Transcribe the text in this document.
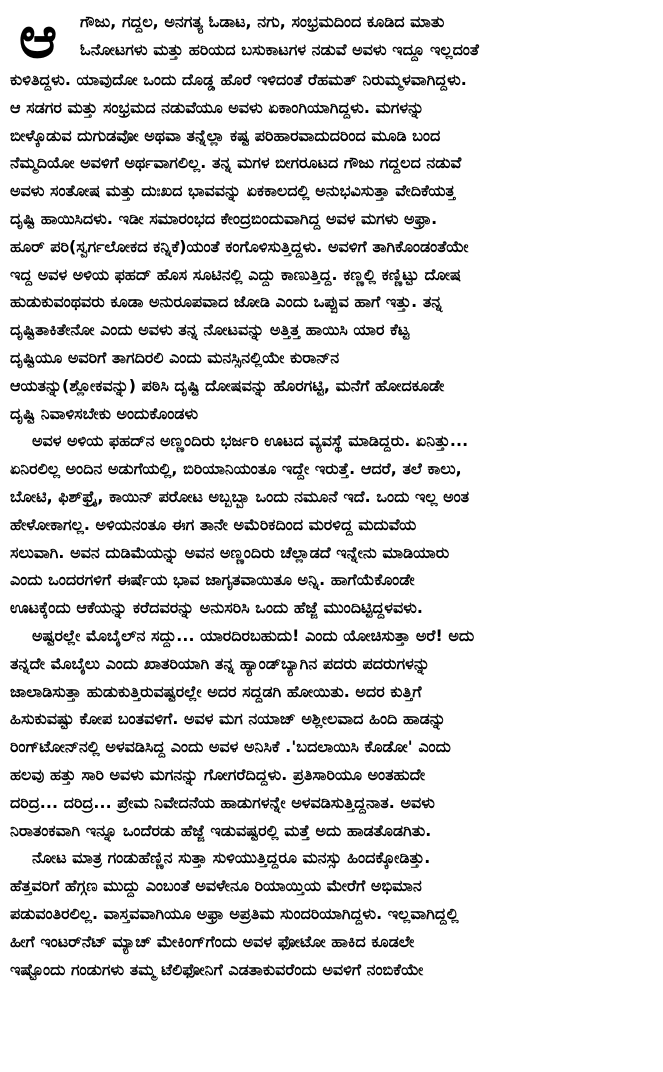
ಆ	ಗೌಜು, ಗದ್ದಲ, ಅನಗತ್ಯ ಓಡಾಟ, ನಗು, ಸಂಭ್ರಮದಿಂದ ಕೂಡಿದ ಮಾತು
ಓನೋಟಗಳು ಮತ್ತು ಹರಿಯದ ಬಸುಕಾಟಗಳ ನಡುವೆ ಅವಳು ಇದ್ದೂ ಇಲ್ಲದಂತೆ
ಕುಳಿತಿದ್ದಳು. ಯಾವುದೋ ಒಂದು ದೊಡ್ಡ ಹೊರೆ ಇಳಿದಂತೆ ರೆಹಮತ್ ನಿರುಮ್ಮಳವಾಗಿದ್ದಳು.
ಆ ಸಡಗರ ಮತ್ತು ಸಂಭ್ರಮದ ನಡುವೆಯೂ ಅವಳು ಏಕಾಂಗಿಯಾಗಿದ್ದಳು. ಮಗಳನ್ನು
ಬೀಳ್ಕೊಡುವ ದುಗುಡವೋ ಅಥವಾ ತನ್ನೆಲ್ಲಾ ಕಷ್ಟ ಪರಿಹಾರವಾದುದರಿಂದ ಮೂಡಿ ಬಂದ
ನೆಮ್ಮದಿಯೋ ಅವಳಿಗೆ ಅರ್ಥವಾಗಲಿಲ್ಲ. ತನ್ನ ಮಗಳ ಬೀಗರೂಟದ ಗೌಜು ಗದ್ದಲದ ನಡುವೆ
ಅವಳು ಸಂತೋಷ ಮತ್ತು ದುಃಖದ ಭಾವವನ್ನು ಏಕಕಾಲದಲ್ಲಿ ಅನುಭವಿಸುತ್ತಾ ವೇದಿಕೆಯತ್ತ
ದೃಷ್ಟಿ ಹಾಯಿಸಿದಳು. ಇಡೀ ಸಮಾರಂಭದ ಕೇಂದ್ರಬಿಂದುವಾಗಿದ್ದ ಅವಳ ಮಗಳು ಅಫ್ರಾ.
ಹೂರ್ ಪರಿ(ಸ್ವರ್ಗಲೋಕದ ಕನ್ನಿಕೆ)ಯಂತೆ ಕಂಗೊಳಿಸುತ್ತಿದ್ದಳು. ಅವಳಿಗೆ ತಾಗಿಕೊಂಡಂತೆಯೇ
ಇದ್ದ ಅವಳ ಅಳಿಯ ಫಹದ್ ಹೊಸ ಸೂಟಿನಲ್ಲಿ ಎದ್ದು ಕಾಣುತ್ತಿದ್ದ. ಕಣ್ಣಲ್ಲಿ ಕಣ್ಣಿಟ್ಟು ದೋಷ
ಹುಡುಕುವಂಥವರು ಕೂಡಾ ಅನುರೂಪವಾದ ಜೋಡಿ ಎಂದು ಒಪ್ಪುವ ಹಾಗೆ ಇತ್ತು. ತನ್ನ
ದೃಷ್ಟಿತಾಕಿತೇನೋ ಎಂದು ಅವಳು ತನ್ನ ನೋಟವನ್ನು ಅತ್ತಿತ್ತ ಹಾಯಿಸಿ ಯಾರ ಕೆಟ್ಟ
ದೃಷ್ಟಿಯೂ ಅವರಿಗೆ ತಾಗದಿರಲಿ ಎಂದು ಮನಸ್ಸಿನಲ್ಲಿಯೇ ಕುರಾನ್‌ನ
ಆಯತನ್ನು(ಶ್ಲೋಕವನ್ನು) ಪಠಿಸಿ ದೃಷ್ಟಿ ದೋಷವನ್ನು ಹೊರಗಟ್ಟಿ, ಮನೆಗೆ ಹೋದಕೂಡೇ
ದೃಷ್ಟಿ ನಿವಾಳಿಸಬೇಕು ಅಂದುಕೊಂಡಳು
ಅವಳ ಅಳಿಯ ಫಹದ್‌ನ ಅಣ್ಣಂದಿರು ಭರ್ಜರಿ ಊಟದ ವ್ಯವಸ್ಥೆ ಮಾಡಿದ್ದರು. ಏನಿತ್ತು...
ಏನಿರಲಿಲ್ಲ ಅಂದಿನ ಅಡುಗೆಯಲ್ಲಿ, ಬಿರಿಯಾನಿಯಂತೂ ಇದ್ದೇ ಇರುತ್ತೆ. ಆದರೆ, ತಲೆ ಕಾಲು,
ಬೋಟಿ, ಫಿಶ್‌ಫ್ರೈ, ಕಾಯಿನ್ ಪರೋಟ ಅಬ್ಬಬ್ಬಾ ಒಂದು ನಮೂನೆ ಇದೆ. ಒಂದು ಇಲ್ಲ ಅಂತ
ಹೇಳೋಕಾಗಲ್ಲ. ಅಳಿಯನಂತೂ ಈಗ ತಾನೇ ಅಮೆರಿಕದಿಂದ ಮರಳಿದ್ದ ಮದುವೆಯ
ಸಲುವಾಗಿ. ಅವನ ದುಡಿಮೆಯನ್ನು ಅವನ ಅಣ್ಣಂದಿರು ಚೆಲ್ಲಾಡದೆ ಇನ್ನೇನು ಮಾಡಿಯಾರು
ಎಂದು ಒಂದರಗಳಿಗೆ ಈರ್ಷೆಯ ಭಾವ ಜಾಗೃತವಾಯಿತೂ ಅನ್ನಿ. ಹಾಗೆಯೆಕೊಂಡೇ
ಊಟಕ್ಕೆಂದು ಆಕೆಯನ್ನು ಕರೆದವರನ್ನು ಅನುಸರಿಸಿ ಒಂದು ಹೆಜ್ಜೆ ಮುಂದಿಟ್ಟಿದ್ದಳವಳು.
ಅಷ್ಟರಲ್ಲೇ ಮೊಬೈಲ್‌ನ ಸದ್ದು... ಯಾರದಿರಬಹುದು! ಎಂದು ಯೋಚಿಸುತ್ತಾ ಅರೆ! ಅದು
ತನ್ನದೇ ಮೊಬೈಲು ಎಂದು ಖಾತರಿಯಾಗಿ ತನ್ನ ಹ್ಯಾಂಡ್‌ಬ್ಯಾಗಿನ ಪದರು ಪದರುಗಳನ್ನು
ಜಾಲಾಡಿಸುತ್ತಾ ಹುಡುಕುತ್ತಿರುವಷ್ಟರಲ್ಲೇ ಅದರ ಸದ್ದಡಗಿ ಹೋಯಿತು. ಅದರ ಕುತ್ತಿಗೆ
ಹಿಸುಕುವಷ್ಟು ಕೋಪ ಬಂತವಳಿಗೆ. ಅವಳ ಮಗ ನಯಾಜ್ ಅಶ್ಲೀಲವಾದ ಹಿಂದಿ ಹಾಡನ್ನು
ರಿಂಗ್‌ಟೋನ್‌ನಲ್ಲಿ ಅಳವಡಿಸಿದ್ದ ಎಂದು ಅವಳ ಅನಿಸಿಕೆ .'ಬದಲಾಯಿಸಿ ಕೊಡೋ' ಎಂದು
ಹಲವು ಹತ್ತು ಸಾರಿ ಅವಳು ಮಗನನ್ನು ಗೋಗರೆದಿದ್ದಳು. ಪ್ರತಿಸಾರಿಯೂ ಅಂತಹುದೇ
ದರಿದ್ರ... ದರಿದ್ರ... ಪ್ರೇಮ ನಿವೇದನೆಯ ಹಾಡುಗಳನ್ನೇ ಅಳವಡಿಸುತ್ತಿದ್ದನಾತ. ಅವಳು
ನಿರಾತಂಕವಾಗಿ ಇನ್ನೂ ಒಂದೆರಡು ಹೆಜ್ಜೆ ಇಡುವಷ್ಟರಲ್ಲಿ ಮತ್ತೆ ಅದು ಹಾಡತೊಡಗಿತು.
ನೋಟ ಮಾತ್ರ ಗಂಡುಹೆಣ್ಣಿನ ಸುತ್ತಾ ಸುಳಿಯುತ್ತಿದ್ದರೂ ಮನಸ್ಸು ಹಿಂದಕ್ಕೋಡಿತ್ತು.
ಹೆತ್ತವರಿಗೆ ಹೆಗ್ಗಣ ಮುದ್ದು ಎಂಬಂತೆ ಅವಳೇನೂ ರಿಯಾಯ್ತಿಯ ಮೇರೆಗೆ ಅಭಿಮಾನ
ಪಡುವಂತಿರಲಿಲ್ಲ. ವಾಸ್ತವವಾಗಿಯೂ ಅಫ್ರಾ ಅಪ್ರತಿಮ ಸುಂದರಿಯಾಗಿದ್ದಳು. ಇಲ್ಲವಾಗಿದ್ದಲ್ಲಿ
ಹೀಗೆ ಇಂಟರ್‌ನೆಟ್ ಮ್ಯಾಚ್ ಮೇಕಿಂಗ್‌ಗೆಂದು ಅವಳ ಫೋಟೋ ಹಾಕಿದ ಕೂಡಲೇ
ಇಷ್ಟೊಂದು ಗಂಡುಗಳು ತಮ್ಮ ಟೆಲಿಫೋನಿಗೆ ಎಡತಾಕುವರೆಂದು ಅವಳಿಗೆ ನಂಬಿಕೆಯೇ
